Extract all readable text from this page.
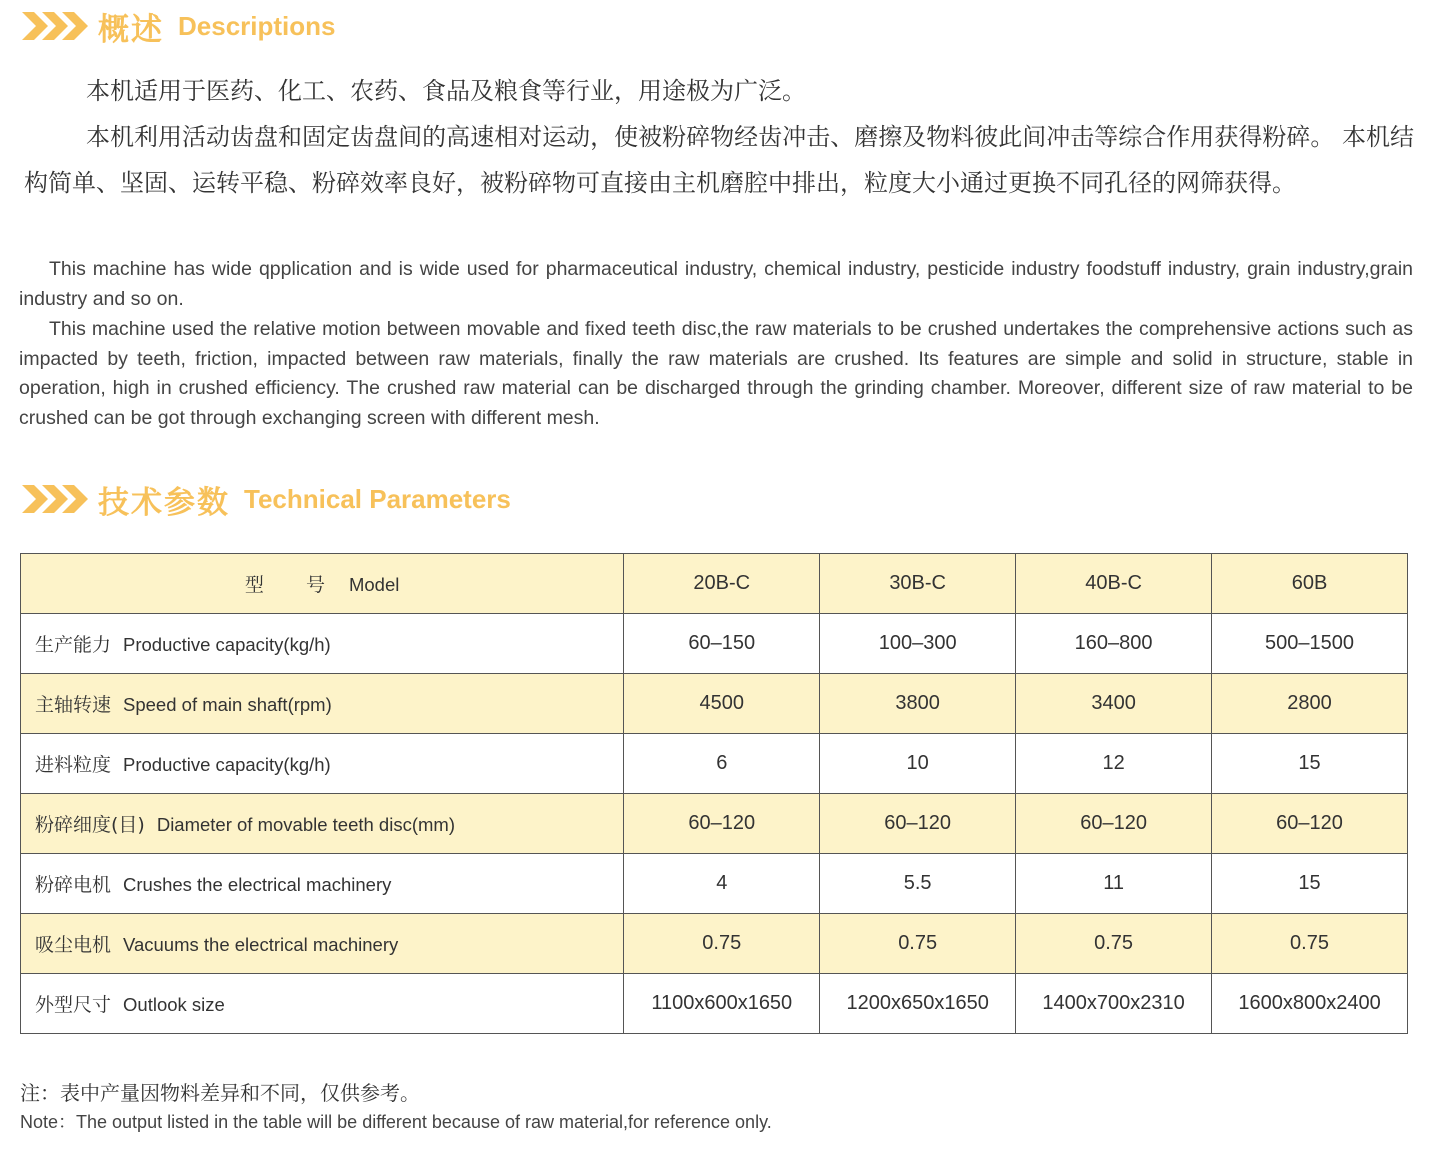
概述 Descriptions
本机适用于医药、化工、农药、食品及粮食等行业，用途极为广泛。
本机利用活动齿盘和固定齿盘间的高速相对运动，使被粉碎物经齿冲击、磨擦及物料彼此间冲击等综合作用获得粉碎。 本机结构简单、坚固、运转平稳、粉碎效率良好，被粉碎物可直接由主机磨腔中排出，粒度大小通过更换不同孔径的网筛获得。
This machine has wide qpplication and is wide used for pharmaceutical industry, chemical industry, pesticide industry foodstuff industry, grain industry,grain industry and so on.
This machine used the relative motion between movable and fixed teeth disc,the raw materials to be crushed undertakes the comprehensive actions such as impacted by teeth, friction, impacted between raw materials, finally the raw materials are crushed. Its features are simple and solid in structure, stable in operation, high in crushed efficiency. The crushed raw material can be discharged through the grinding chamber. Moreover, different size of raw material to be crushed can be got through exchanging screen with different mesh.
技术参数 Technical Parameters
型 号 Model	20B-C	30B-C	40B-C	60B
生产能力 Productive capacity(kg/h)	60–150	100–300	160–800	500–1500
主轴转速 Speed of main shaft(rpm)	4500	3800	3400	2800
进料粒度 Productive capacity(kg/h)	6	10	12	15
粉碎细度(目) Diameter of movable teeth disc(mm)	60–120	60–120	60–120	60–120
粉碎电机 Crushes the electrical machinery	4	5.5	11	15
吸尘电机 Vacuums the electrical machinery	0.75	0.75	0.75	0.75
外型尺寸 Outlook size	1100x600x1650	1200x650x1650	1400x700x2310	1600x800x2400
注：表中产量因物料差异和不同，仅供参考。
Note：The output listed in the table will be different because of raw material,for reference only.
